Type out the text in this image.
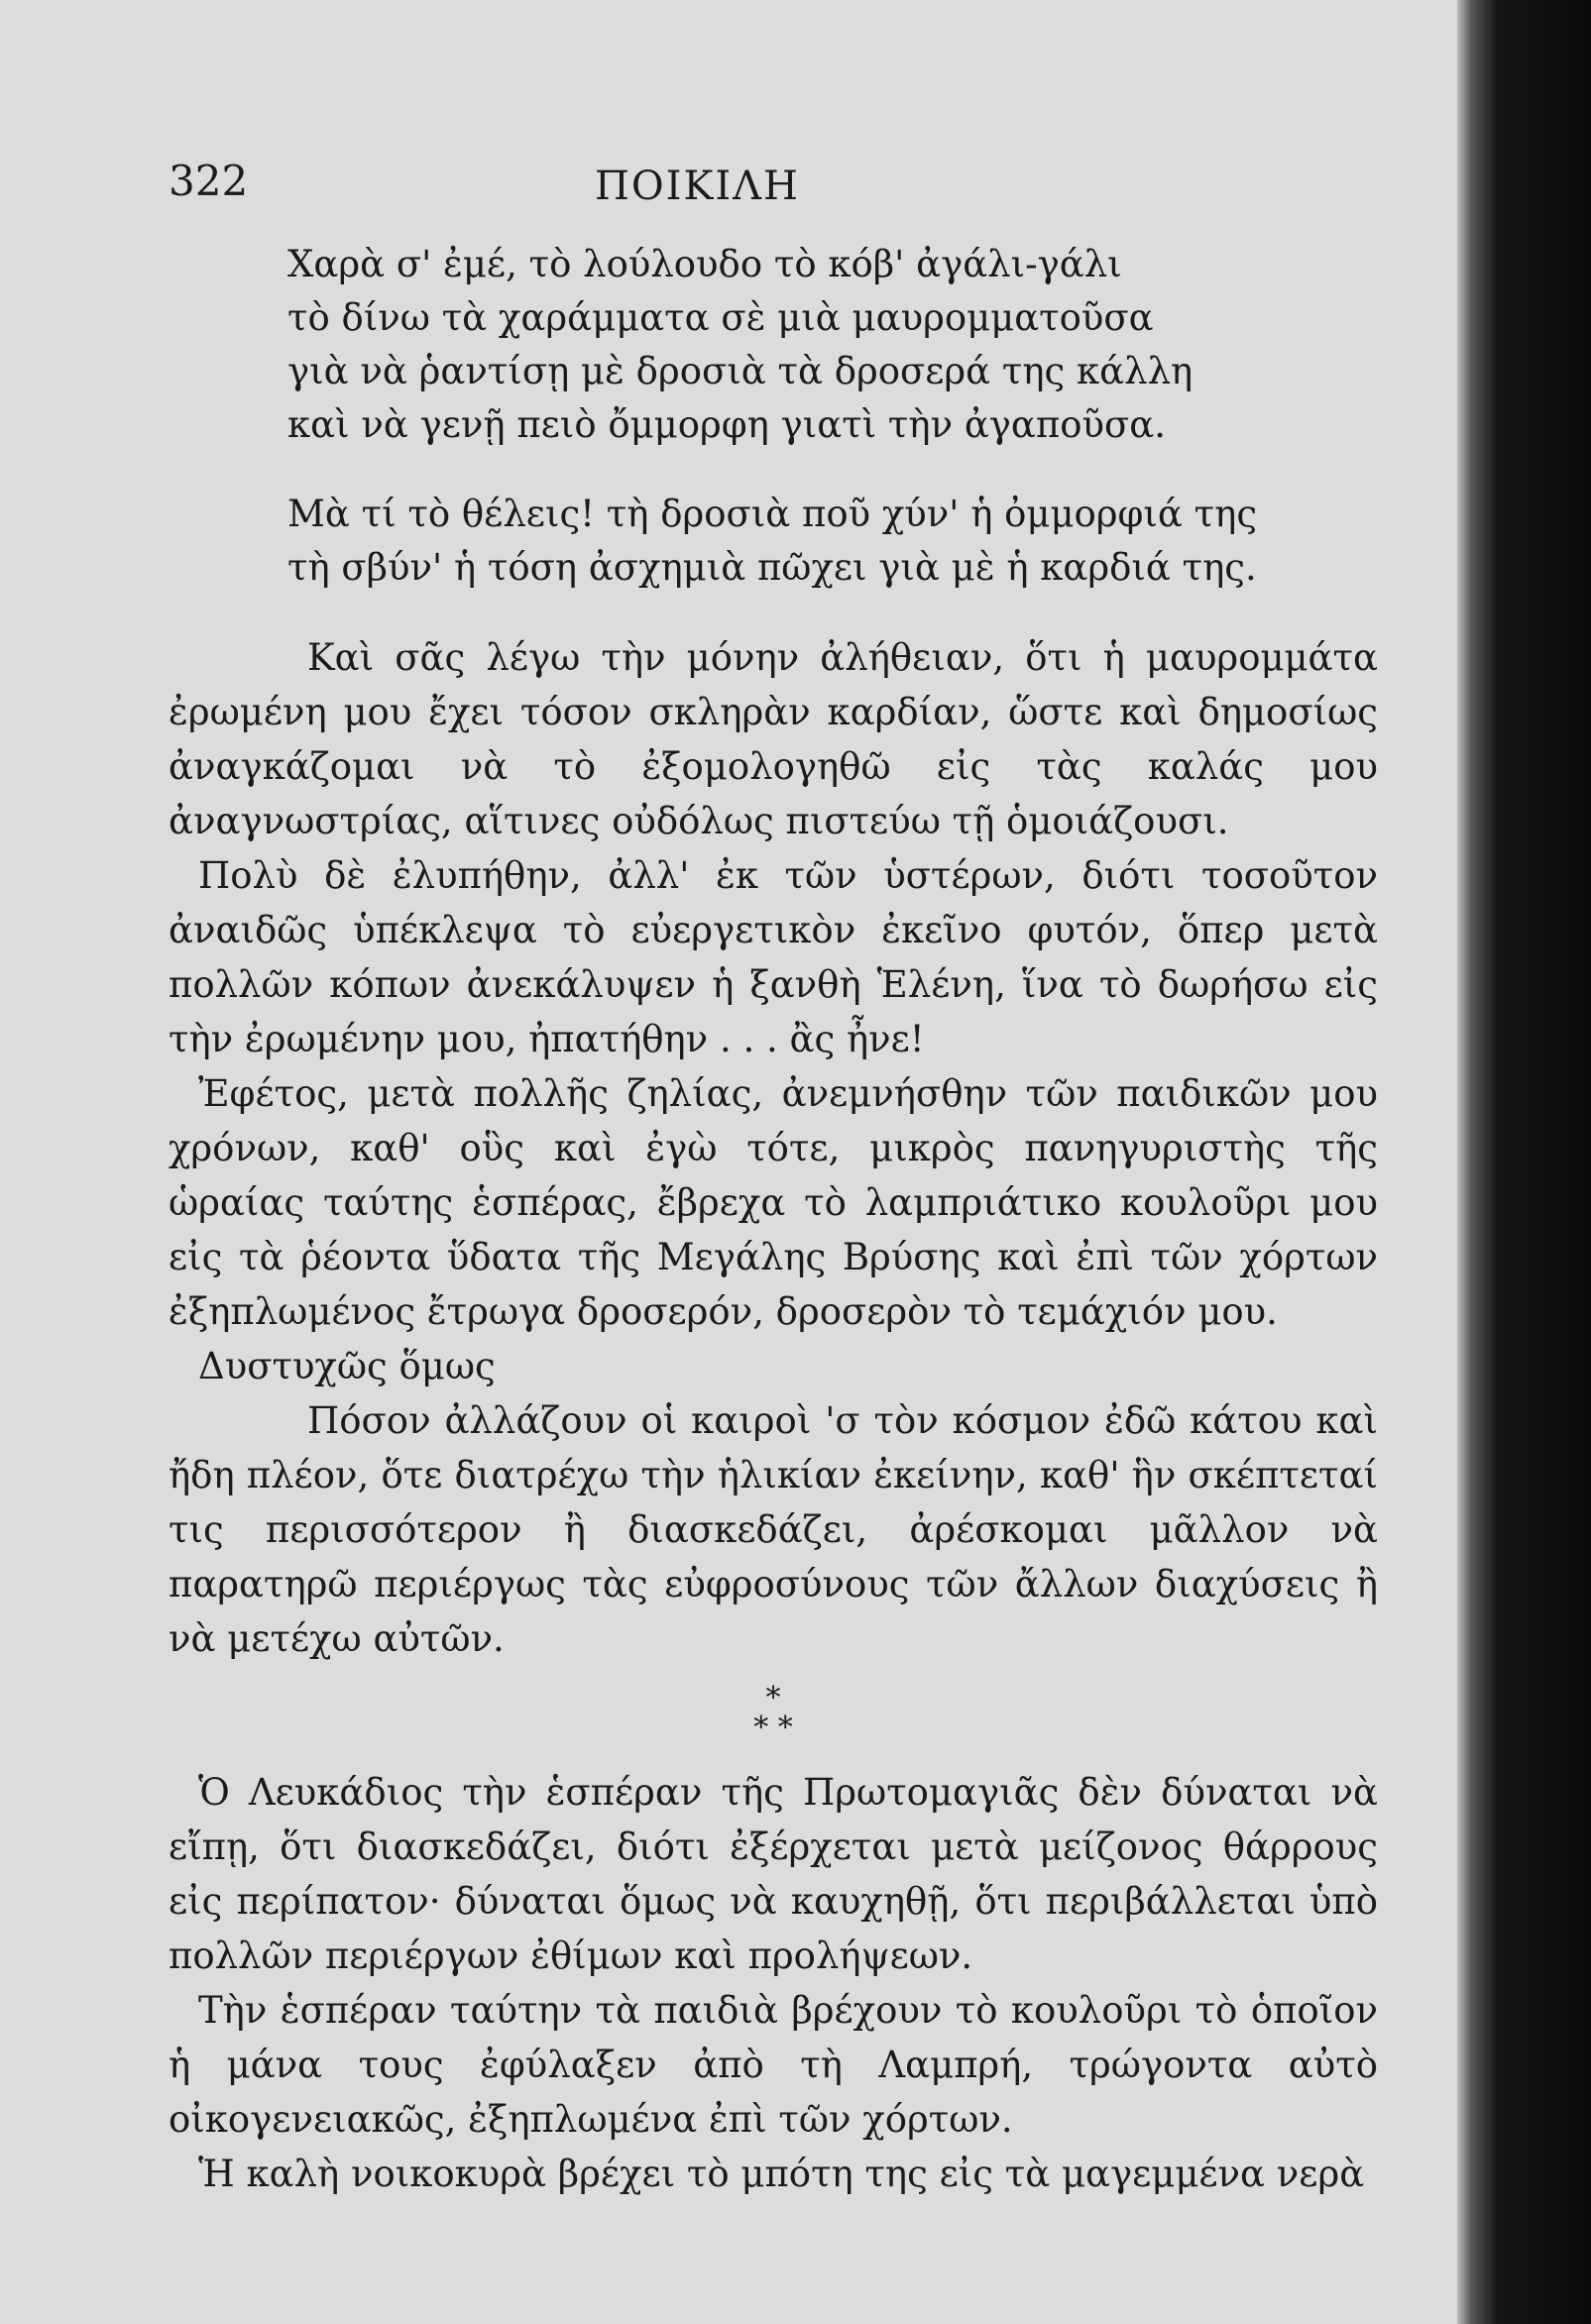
322	ΠΟΙΚΙΛΗ
Χαρὰ σ' ἐμέ, τὸ λούλουδο τὸ κόβ' ἀγάλι-γάλι
τὸ δίνω τὰ χαράμματα σὲ μιὰ μαυρομματοῦσα
γιὰ νὰ ῥαντίσῃ μὲ δροσιὰ τὰ δροσερά της κάλλη
καὶ νὰ γενῇ πειὸ ὄμμορφη γιατὶ τὴν ἀγαποῦσα.
Μὰ τί τὸ θέλεις! τὴ δροσιὰ ποῦ χύν' ἡ ὀμμορφιά της
τὴ σβύν' ἡ τόση ἀσχημιὰ πῶχει γιὰ μὲ ἡ καρδιά της.

Καὶ σᾶς λέγω τὴν μόνην ἀλήθειαν, ὅτι ἡ μαυρομμάτα ἐρωμένη μου ἔχει τόσον σκληρὰν καρδίαν, ὥστε καὶ δημοσίως ἀναγκάζομαι νὰ τὸ ἐξομολογηθῶ εἰς τὰς καλάς μου ἀναγνωστρίας, αἵτινες οὐδόλως πιστεύω τῇ ὁμοιάζουσι.

Πολὺ δὲ ἐλυπήθην, ἀλλ' ἐκ τῶν ὑστέρων, διότι τοσοῦτον ἀναιδῶς ὑπέκλεψα τὸ εὐεργετικὸν ἐκεῖνο φυτόν, ὅπερ μετὰ πολλῶν κόπων ἀνεκάλυψεν ἡ ξανθὴ Ἑλένη, ἵνα τὸ δωρήσω εἰς τὴν ἐρωμένην μου, ἠπατήθην . . . ἂς ἦνε!

Ἐφέτος, μετὰ πολλῆς ζηλίας, ἀνεμνήσθην τῶν παιδικῶν μου χρόνων, καθ' οὓς καὶ ἐγὼ τότε, μικρὸς πανηγυριστὴς τῆς ὡραίας ταύτης ἑσπέρας, ἔβρεχα τὸ λαμπριάτικο κουλοῦρι μου εἰς τὰ ῥέοντα ὕδατα τῆς Μεγάλης Βρύσης καὶ ἐπὶ τῶν χόρτων ἐξηπλωμένος ἔτρωγα δροσερόν, δροσερὸν τὸ τεμάχιόν μου.

Δυστυχῶς ὅμως

Πόσον ἀλλάζουν οἱ καιροὶ 'σ τὸν κόσμον ἐδῶ κάτου καὶ ἤδη πλέον, ὅτε διατρέχω τὴν ἡλικίαν ἐκείνην, καθ' ἣν σκέπτεταί τις περισσότερον ἢ διασκεδάζει, ἀρέσκομαι μᾶλλον νὰ παρατηρῶ περιέργως τὰς εὐφροσύνους τῶν ἄλλων διαχύσεις ἢ νὰ μετέχω αὐτῶν.

*
* *

Ὁ Λευκάδιος τὴν ἑσπέραν τῆς Πρωτομαγιᾶς δὲν δύναται νὰ εἴπῃ, ὅτι διασκεδάζει, διότι ἐξέρχεται μετὰ μείζονος θάρρους εἰς περίπατον· δύναται ὅμως νὰ καυχηθῇ, ὅτι περιβάλλεται ὑπὸ πολλῶν περιέργων ἐθίμων καὶ προλήψεων.

Τὴν ἑσπέραν ταύτην τὰ παιδιὰ βρέχουν τὸ κουλοῦρι τὸ ὁποῖον ἡ μάνα τους ἐφύλαξεν ἀπὸ τὴ Λαμπρή, τρώγοντα αὐτὸ οἰκογενειακῶς, ἐξηπλωμένα ἐπὶ τῶν χόρτων.

Ἡ καλὴ νοικοκυρὰ βρέχει τὸ μπότη της εἰς τὰ μαγεμμένα νερὰ
